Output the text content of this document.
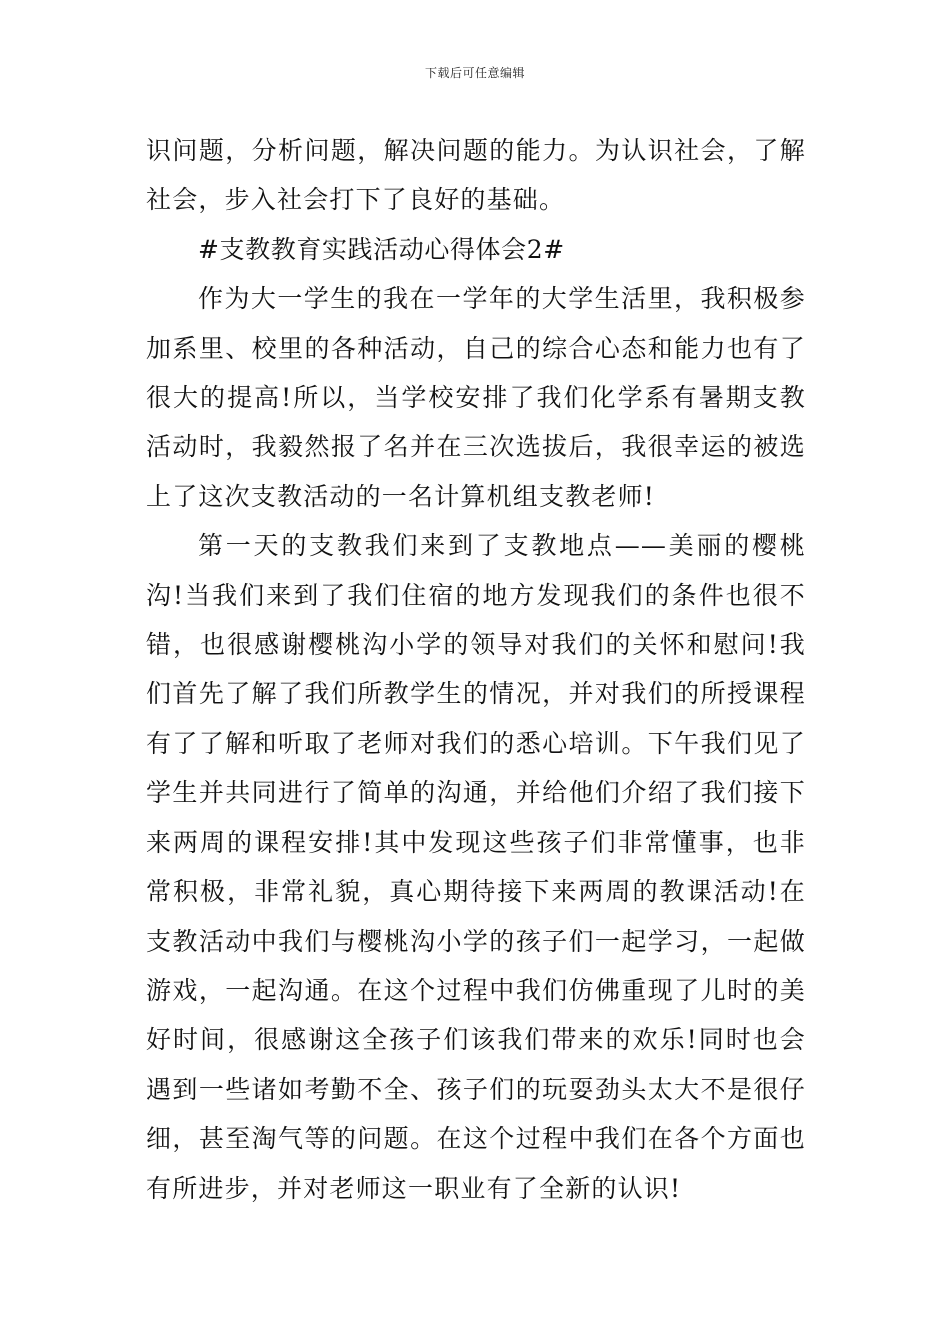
下载后可任意编辑

识问题，分析问题，解决问题的能力。为认识社会，了解社会，步入社会打下了良好的基础。

#支教教育实践活动心得体会2#

作为大一学生的我在一学年的大学生活里，我积极参加系里、校里的各种活动，自己的综合心态和能力也有了很大的提高!所以，当学校安排了我们化学系有暑期支教活动时，我毅然报了名并在三次选拔后，我很幸运的被选上了这次支教活动的一名计算机组支教老师!

第一天的支教我们来到了支教地点——美丽的樱桃沟!当我们来到了我们住宿的地方发现我们的条件也很不错，也很感谢樱桃沟小学的领导对我们的关怀和慰问!我们首先了解了我们所教学生的情况，并对我们的所授课程有了了解和听取了老师对我们的悉心培训。下午我们见了学生并共同进行了简单的沟通，并给他们介绍了我们接下来两周的课程安排!其中发现这些孩子们非常懂事，也非常积极，非常礼貌，真心期待接下来两周的教课活动!在支教活动中我们与樱桃沟小学的孩子们一起学习，一起做游戏，一起沟通。在这个过程中我们仿佛重现了儿时的美好时间，很感谢这全孩子们该我们带来的欢乐!同时也会遇到一些诸如考勤不全、孩子们的玩耍劲头太大不是很仔细，甚至淘气等的问题。在这个过程中我们在各个方面也有所进步，并对老师这一职业有了全新的认识!
